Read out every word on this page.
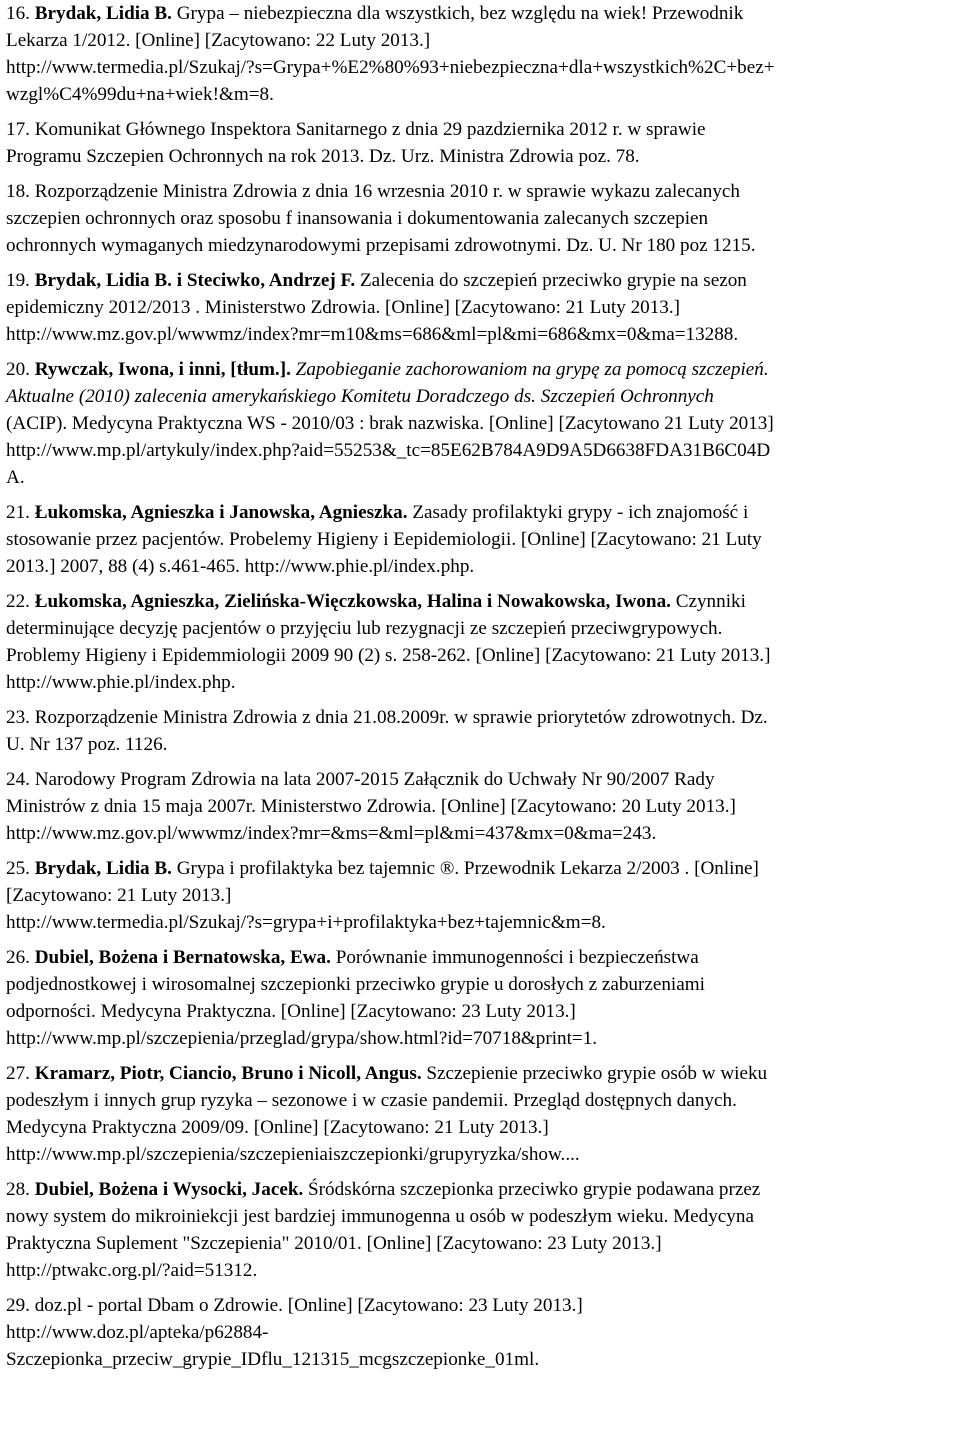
16. Brydak, Lidia B. Grypa – niebezpieczna dla wszystkich, bez względu na wiek! Przewodnik
Lekarza 1/2012. [Online] [Zacytowano: 22 Luty 2013.]
http://www.termedia.pl/Szukaj/?s=Grypa+%E2%80%93+niebezpieczna+dla+wszystkich%2C+bez+
wzgl%C4%99du+na+wiek!&m=8.
17. Komunikat Głównego Inspektora Sanitarnego z dnia 29 pazdziernika 2012 r. w sprawie
Programu Szczepien Ochronnych na rok 2013. Dz. Urz. Ministra Zdrowia poz. 78.
18. Rozporządzenie Ministra Zdrowia z dnia 16 wrzesnia 2010 r. w sprawie wykazu zalecanych
szczepien ochronnych oraz sposobu f inansowania i dokumentowania zalecanych szczepien
ochronnych wymaganych miedzynarodowymi przepisami zdrowotnymi. Dz. U. Nr 180 poz 1215.
19. Brydak, Lidia B. i Steciwko, Andrzej F. Zalecenia do szczepień przeciwko grypie na sezon
epidemiczny 2012/2013 . Ministerstwo Zdrowia. [Online] [Zacytowano: 21 Luty 2013.]
http://www.mz.gov.pl/wwwmz/index?mr=m10&ms=686&ml=pl&mi=686&mx=0&ma=13288.
20. Rywczak, Iwona, i inni, [tłum.]. Zapobieganie zachorowaniom na grypę za pomocą szczepień.
Aktualne (2010) zalecenia amerykańskiego Komitetu Doradczego ds. Szczepień Ochronnych
(ACIP). Medycyna Praktyczna WS - 2010/03 : brak nazwiska. [Online] [Zacytowano 21 Luty 2013]
http://www.mp.pl/artykuly/index.php?aid=55253&_tc=85E62B784A9D9A5D6638FDA31B6C04D
A.
21. Łukomska, Agnieszka i Janowska, Agnieszka. Zasady profilaktyki grypy - ich znajomość i
stosowanie przez pacjentów. Probelemy Higieny i Eepidemiologii. [Online] [Zacytowano: 21 Luty
2013.] 2007, 88 (4) s.461-465. http://www.phie.pl/index.php.
22. Łukomska, Agnieszka, Zielińska-Więczkowska, Halina i Nowakowska, Iwona. Czynniki
determinujące decyzję pacjentów o przyjęciu lub rezygnacji ze szczepień przeciwgrypowych.
Problemy Higieny i Epidemmiologii 2009 90 (2) s. 258-262. [Online] [Zacytowano: 21 Luty 2013.]
http://www.phie.pl/index.php.
23. Rozporządzenie Ministra Zdrowia z dnia 21.08.2009r. w sprawie priorytetów zdrowotnych. Dz.
U. Nr 137 poz. 1126.
24. Narodowy Program Zdrowia na lata 2007-2015 Załącznik do Uchwały Nr 90/2007 Rady
Ministrów z dnia 15 maja 2007r. Ministerstwo Zdrowia. [Online] [Zacytowano: 20 Luty 2013.]
http://www.mz.gov.pl/wwwmz/index?mr=&ms=&ml=pl&mi=437&mx=0&ma=243.
25. Brydak, Lidia B. Grypa i profilaktyka bez tajemnic ®. Przewodnik Lekarza 2/2003 . [Online]
[Zacytowano: 21 Luty 2013.]
http://www.termedia.pl/Szukaj/?s=grypa+i+profilaktyka+bez+tajemnic&m=8.
26. Dubiel, Bożena i Bernatowska, Ewa. Porównanie immunogenności i bezpieczeństwa
podjednostkowej i wirosomalnej szczepionki przeciwko grypie u dorosłych z zaburzeniami
odporności. Medycyna Praktyczna. [Online] [Zacytowano: 23 Luty 2013.]
http://www.mp.pl/szczepienia/przeglad/grypa/show.html?id=70718&print=1.
27. Kramarz, Piotr, Ciancio, Bruno i Nicoll, Angus. Szczepienie przeciwko grypie osób w wieku
podeszłym i innych grup ryzyka – sezonowe i w czasie pandemii. Przegląd dostępnych danych.
Medycyna Praktyczna 2009/09. [Online] [Zacytowano: 21 Luty 2013.]
http://www.mp.pl/szczepienia/szczepieniaiszczepionki/grupyryzka/show....
28. Dubiel, Bożena i Wysocki, Jacek. Śródskórna szczepionka przeciwko grypie podawana przez
nowy system do mikroiniekcji jest bardziej immunogenna u osób w podeszłym wieku. Medycyna
Praktyczna Suplement "Szczepienia" 2010/01. [Online] [Zacytowano: 23 Luty 2013.]
http://ptwakc.org.pl/?aid=51312.
29. doz.pl - portal Dbam o Zdrowie. [Online] [Zacytowano: 23 Luty 2013.]
http://www.doz.pl/apteka/p62884-
Szczepionka_przeciw_grypie_IDflu_121315_mcgszczepionke_01ml.
